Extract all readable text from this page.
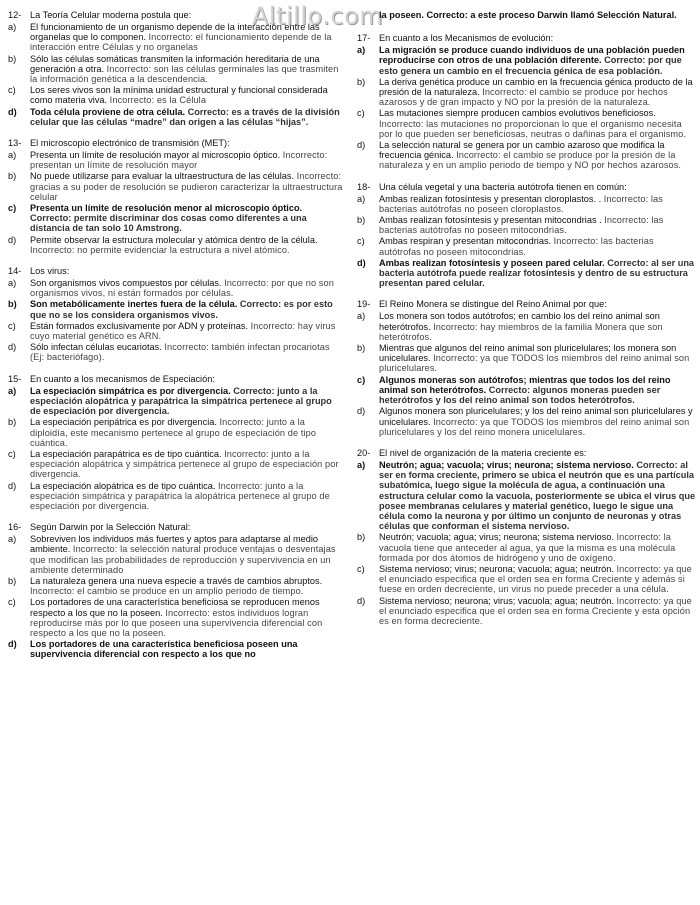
Altillo.com
12- La Teoría Celular moderna postula que:
a)	El funcionamiento de un organismo depende de la interacción entre las organelas que lo componen. Incorrecto: el funcionamiento depende de la interacción entre Células y no organelas
b)	Sólo las células somáticas transmiten la información hereditaria de una generación a otra. Incorrecto: son las células germinales las que trasmiten la información genética a la descendencia.
c)	Los seres vivos son la mínima unidad estructural y funcional considerada como materia viva. Incorrecto: es la Célula
d)	Toda célula proviene de otra célula. Correcto: es a través de la división celular que las células “madre” dan origen a las células “hijas”.
13- El microscopio electrónico de transmisión (MET):
a)	Presenta un límite de resolución mayor al microscopio óptico. Incorrecto: presentan un límite de resolución mayor
b)	No puede utilizarse para evaluar la ultraestructura de las células. Incorrecto: gracias a su poder de resolución se pudieron caracterizar la ultraestructura celular
c)	Presenta un límite de resolución menor al microscopio óptico. Correcto: permite discriminar dos cosas como diferentes a una distancia de tan solo 10 Amstrong.
d)	Permite observar la estructura molecular y atómica dentro de la célula. Incorrecto: no permite evidenciar la estructura a nivel atómico.
14- Los virus:
a)	Son organismos vivos compuestos por células. Incorrecto: por que no son organismos vivos, ni están formados por células.
b)	Son metabólicamente inertes fuera de la célula. Correcto: es por esto que no se los considera organismos vivos.
c)	Están formados exclusivamente por ADN y proteínas. Incorrecto: hay virus cuyo material genético es ARN.
d)	Sólo infectan células eucariotas. Incorrecto: también infectan procariotas (Ej: bacteriófago).
15- En cuanto a los mecanismos de Especiación:
a)	La especiación simpátrica es por divergencia. Correcto: junto a la especiación alopátrica y parapátrica la simpátrica pertenece al grupo de especiación por divergencia.
b)	La especiación peripátrica es por divergencia. Incorrecto: junto a la diploidía, este mecanismo pertenece al grupo de especiación de tipo cuántica.
c)	La especiación parapátrica es de tipo cuántica. Incorrecto: junto a la especiación alopátrica y simpátrica pertenece al grupo de especiación por divergencia.
d)	La especiación alopátrica es de tipo cuántica. Incorrecto: junto a la especiación simpátrica y parapátrica la alopátrica pertenece al grupo de especiación por divergencia.
16- Según Darwin por la Selección Natural:
a)	Sobreviven los individuos más fuertes y aptos para adaptarse al medio ambiente. Incorrecto: la selección natural produce ventajas o desventajas que modifican las probabilidades de reproducción y supervivencia en un ambiente determinado
b)	La naturaleza genera una nueva especie a través de cambios abruptos. Incorrecto: el cambio se produce en un amplio periodo de tiempo.
c)	Los portadores de una característica beneficiosa se reproducen menos respecto a los que no la poseen. Incorrecto: estos individuos logran reproducirse más por lo que poseen una supervivencia diferencial con respecto a los que no la poseen.
d)	Los portadores de una característica beneficiosa poseen una supervivencia diferencial con respecto a los que no
la poseen. Correcto: a este proceso Darwin llamó Selección Natural.
17- En cuanto a los Mecanismos de evolución:
a)	La migración se produce cuando individuos de una población pueden reproducirse con otros de una población diferente. Correcto: por que esto genera un cambio en el frecuencia génica de esa población.
b)	La deriva genética produce un cambio en la frecuencia génica producto de la presión de la naturaleza. Incorrecto: el cambio se produce por hechos azarosos y de gran impacto y NO por la presión de la naturaleza.
c)	Las mutaciones siempre producen cambios evolutivos beneficiosos. Incorrecto: las mutaciones no proporcionan lo que el organismo necesita por lo que pueden ser beneficiosas, neutras o dañinas para el organismo.
d)	La selección natural se genera por un cambio azaroso que modifica la frecuencia génica. Incorrecto: el cambio se produce por la presión de la naturaleza y en un amplio periodo de tiempo y NO por hechos azarosos.
18- Una célula vegetal y una bacteria autótrofa tienen en común:
a)	Ambas realizan fotosíntesis y presentan cloroplastos. . Incorrecto: las bacterias autótrofas no poseen cloroplastos.
b)	Ambas realizan fotosíntesis y presentan mitocondrias . Incorrecto: las bacterias autótrofas no poseen mitocondrias.
c)	Ambas respiran y presentan mitocondrias. Incorrecto: las bacterias autótrofas no poseen mitocondrias.
d)	Ambas realizan fotosíntesis y poseen pared celular. Correcto: al ser una bacteria autótrofa puede realizar fotosíntesis y dentro de su estructura presentan pared celular.
19- El Reino Monera se distingue del Reino Animal por que:
a)	Los monera son todos autótrofos; en cambio los del reino animal son heterótrofos. Incorrecto: hay miembros de la familia Monera que son heterótrofos.
b)	Mientras que algunos del reino animal son pluricelulares; los monera son unicelulares. Incorrecto: ya que TODOS los miembros del reino animal son pluricelulares.
c)	Algunos moneras son autótrofos; mientras que todos los del reino animal son heterótrofos. Correcto: algunos moneras pueden ser heterótrofos y los del reino animal son todos heterótrofos.
d)	Algunos monera son pluricelulares; y los del reino animal son pluricelulares y unicelulares. Incorrecto: ya que TODOS los miembros del reino animal son pluricelulares y los del reino monera unicelulares.
20- El nivel de organización de la materia creciente es:
a)	Neutrón; agua; vacuola; virus; neurona; sistema nervioso. Correcto: al ser en forma creciente, primero se ubica el neutrón que es una partícula subatómica, luego sigue la molécula de agua, a continuación una estructura celular como la vacuola, posteriormente se ubica el virus que posee membranas celulares y material genético, luego le sigue una célula como la neurona y por último un conjunto de neuronas y otras células que conforman el sistema nervioso.
b)	Neutrón; vacuola; agua; virus; neurona; sistema nervioso. Incorrecto: la vacuola tiene que anteceder al agua, ya que la misma es una molécula formada por dos átomos de hidrógeno y uno de oxígeno.
c)	Sistema nervioso; virus; neurona; vacuola; agua; neutrón. Incorrecto: ya que el enunciado especifica que el orden sea en forma Creciente y además si fuese en orden decreciente, un virus no puede preceder a una célula.
d)	Sistema nervioso; neurona; virus; vacuola; agua; neutrón. Incorrecto: ya que el enunciado especifica que el orden sea en forma Creciente y esta opción es en forma decreciente.
